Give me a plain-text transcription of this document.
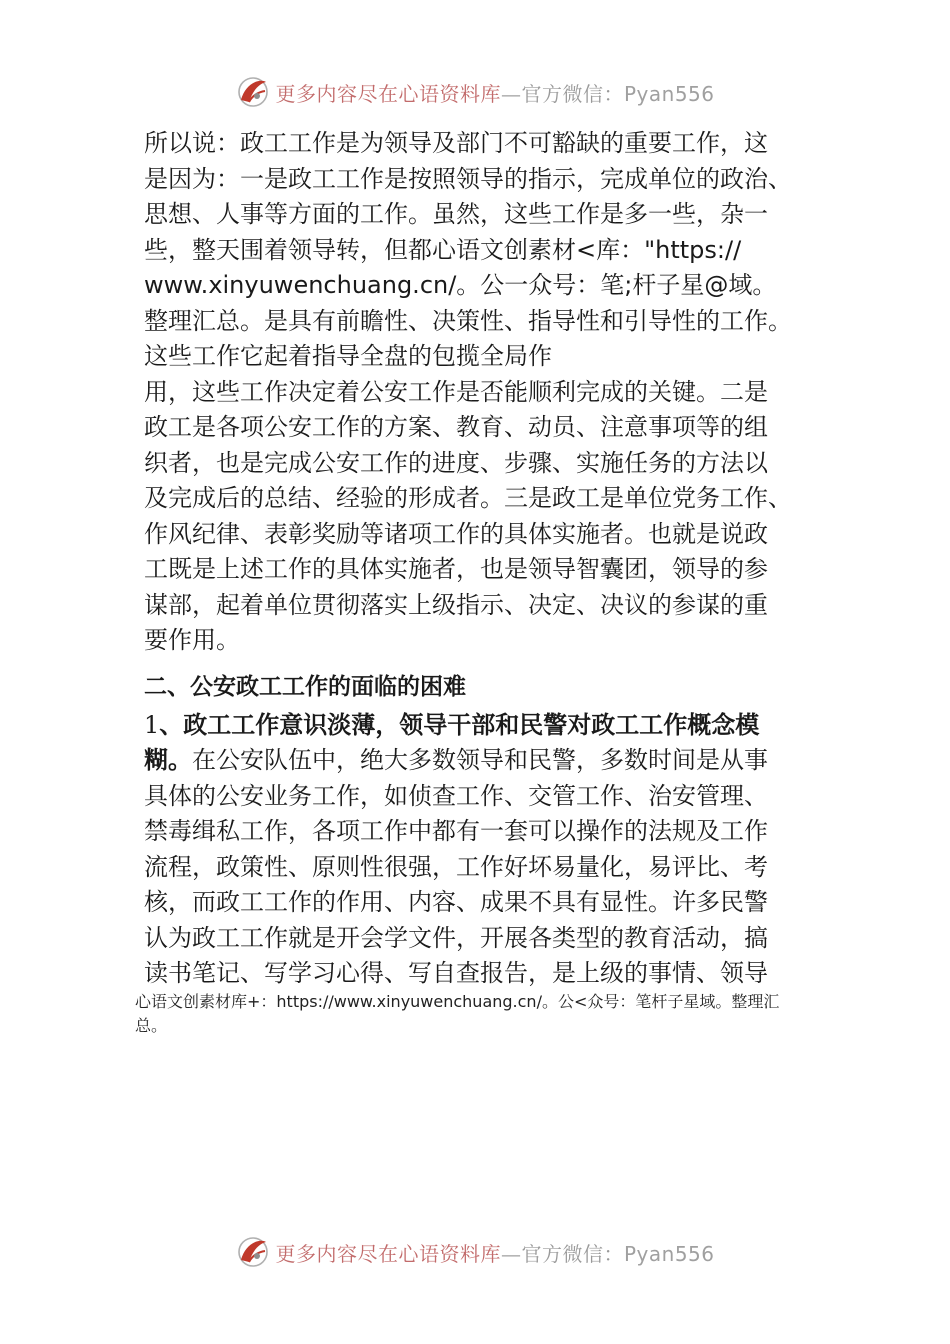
更多内容尽在心语资料库—官方微信：Pyan556
所以说：政工工作是为领导及部门不可豁缺的重要工作，这
是因为：一是政工工作是按照领导的指示，完成单位的政治、
思想、人事等方面的工作。虽然，这些工作是多一些，杂一
些，整天围着领导转，但都心语文创素材<库："https://
www.xinyuwenchuang.cn/。公一众号：笔;杆子星@域。
整理汇总。是具有前瞻性、决策性、指导性和引导性的工作。
这些工作它起着指导全盘的包揽全局作
用，这些工作决定着公安工作是否能顺利完成的关键。二是
政工是各项公安工作的方案、教育、动员、注意事项等的组
织者，也是完成公安工作的进度、步骤、实施任务的方法以
及完成后的总结、经验的形成者。三是政工是单位党务工作、
作风纪律、表彰奖励等诸项工作的具体实施者。也就是说政
工既是上述工作的具体实施者，也是领导智囊团，领导的参
谋部，起着单位贯彻落实上级指示、决定、决议的参谋的重
要作用。
二、公安政工工作的面临的困难
1、政工工作意识淡薄，领导干部和民警对政工工作概念模
糊。在公安队伍中，绝大多数领导和民警，多数时间是从事
具体的公安业务工作，如侦查工作、交管工作、治安管理、
禁毒缉私工作，各项工作中都有一套可以操作的法规及工作
流程，政策性、原则性很强，工作好坏易量化，易评比、考
核，而政工工作的作用、内容、成果不具有显性。许多民警
认为政工工作就是开会学文件，开展各类型的教育活动，搞
读书笔记、写学习心得、写自查报告，是上级的事情、领导
心语文创素材库+：https://www.xinyuwenchuang.cn/。公<众号：笔杆子星域。整理汇
总。
更多内容尽在心语资料库—官方微信：Pyan556
